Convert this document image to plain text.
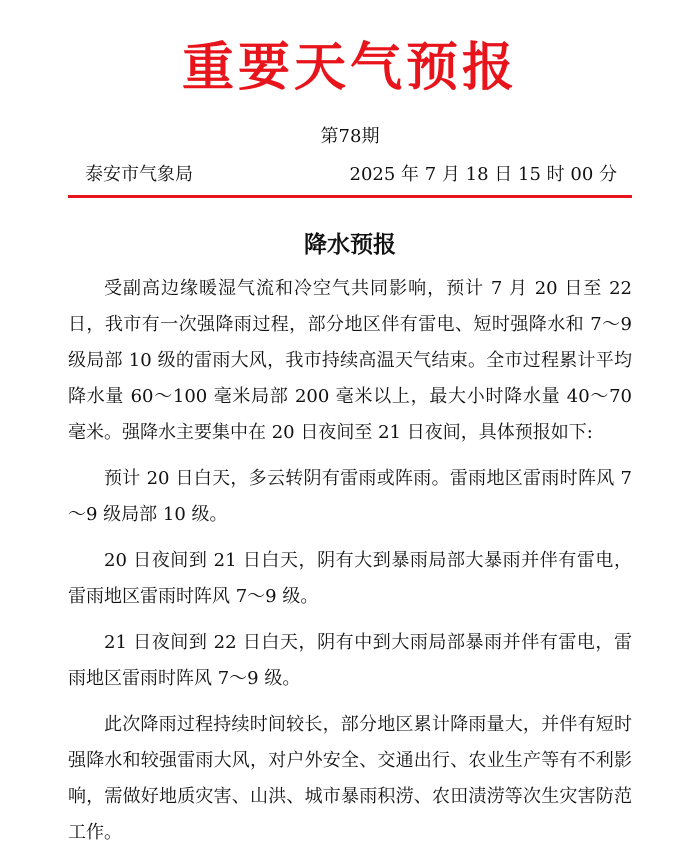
重要天气预报
第78期
泰安市气象局	2025 年 7 月 18 日 15 时 00 分
降水预报

受副高边缘暖湿气流和冷空气共同影响，预计 7 月 20 日至 22 日，我市有一次强降雨过程，部分地区伴有雷电、短时强降水和 7～9 级局部 10 级的雷雨大风，我市持续高温天气结束。全市过程累计平均降水量 60～100 毫米局部 200 毫米以上，最大小时降水量 40～70 毫米。强降水主要集中在 20 日夜间至 21 日夜间，具体预报如下:

预计 20 日白天，多云转阴有雷雨或阵雨。雷雨地区雷雨时阵风 7～9 级局部 10 级。

20 日夜间到 21 日白天，阴有大到暴雨局部大暴雨并伴有雷电，雷雨地区雷雨时阵风 7～9 级。

21 日夜间到 22 日白天，阴有中到大雨局部暴雨并伴有雷电，雷雨地区雷雨时阵风 7～9 级。

此次降雨过程持续时间较长，部分地区累计降雨量大，并伴有短时强降水和较强雷雨大风，对户外安全、交通出行、农业生产等有不利影响，需做好地质灾害、山洪、城市暴雨积涝、农田渍涝等次生灾害防范工作。
